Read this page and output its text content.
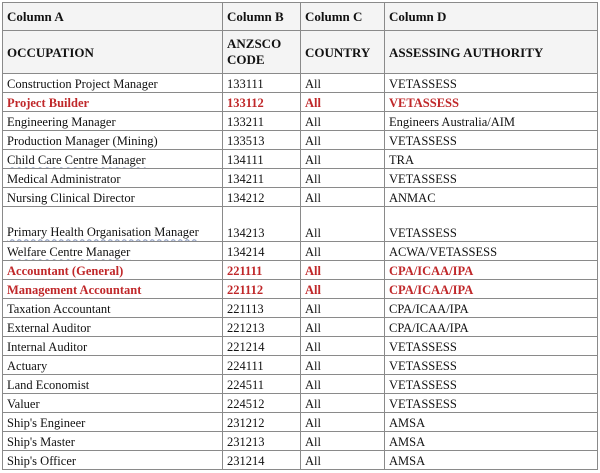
Column A	Column B	Column C	Column D
OCCUPATION	ANZSCO CODE	COUNTRY	ASSESSING AUTHORITY
Construction Project Manager	133111	All	VETASSESS
Project Builder	133112	All	VETASSESS
Engineering Manager	133211	All	Engineers Australia/AIM
Production Manager (Mining)	133513	All	VETASSESS
Child Care Centre Manager	134111	All	TRA
Medical Administrator	134211	All	VETASSESS
Nursing Clinical Director	134212	All	ANMAC

Primary Health Organisation Manager	134213	All	VETASSESS
Welfare Centre Manager	134214	All	ACWA/VETASSESS
Accountant (General)	221111	All	CPA/ICAA/IPA
Management Accountant	221112	All	CPA/ICAA/IPA
Taxation Accountant	221113	All	CPA/ICAA/IPA
External Auditor	221213	All	CPA/ICAA/IPA
Internal Auditor	221214	All	VETASSESS
Actuary	224111	All	VETASSESS
Land Economist	224511	All	VETASSESS
Valuer	224512	All	VETASSESS
Ship's Engineer	231212	All	AMSA
Ship's Master	231213	All	AMSA
Ship's Officer	231214	All	AMSA
